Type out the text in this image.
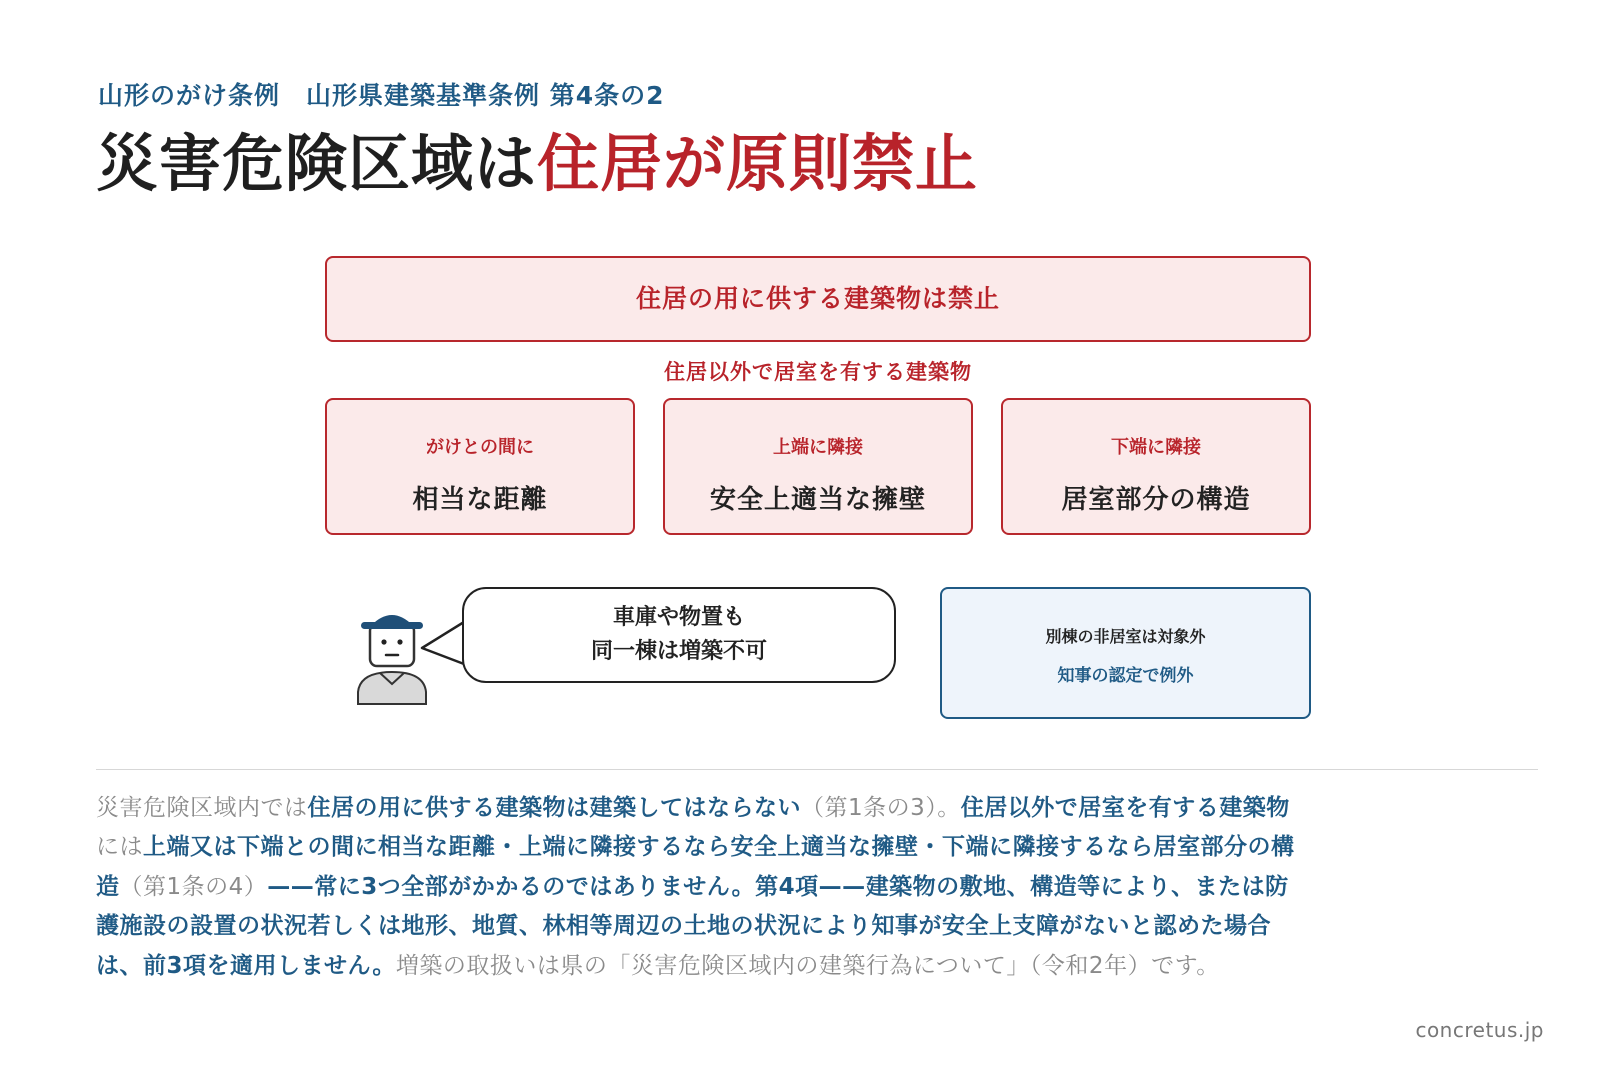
山形のがけ条例　山形県建築基準条例 第4条の2
災害危険区域は住居が原則禁止
住居の用に供する建築物は禁止
住居以外で居室を有する建築物
がけとの間に
相当な距離
上端に隣接
安全上適当な擁壁
下端に隣接
居室部分の構造
車庫や物置も
同一棟は増築不可
別棟の非居室は対象外
知事の認定で例外
災害危険区域内では住居の用に供する建築物は建築してはならない（第1条の3）。住居以外で居室を有する建築物には上端又は下端との間に相当な距離・上端に隣接するなら安全上適当な擁壁・下端に隣接するなら居室部分の構造（第1条の4）——常に3つ全部がかかるのではありません。第4項——建築物の敷地、構造等により、または防護施設の設置の状況若しくは地形、地質、林相等周辺の土地の状況により知事が安全上支障がないと認めた場合は、前3項を適用しません。増築の取扱いは県の「災害危険区域内の建築行為について」（令和2年）です。
concretus.jp
